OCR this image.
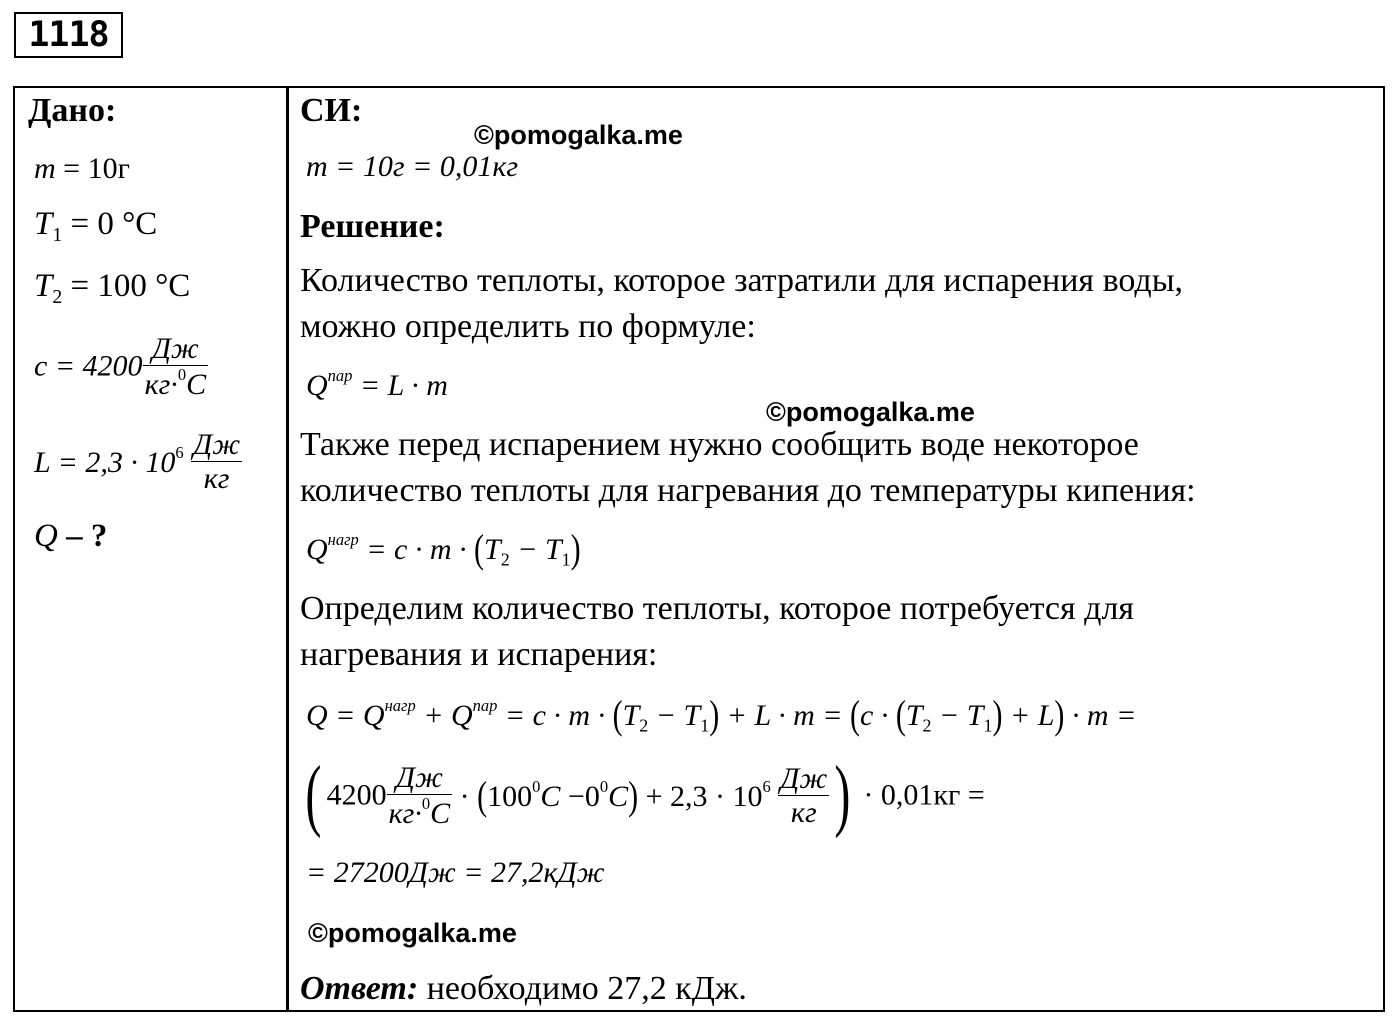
1118
Дано:
m = 10г
$T_1 = 0$ °C
$T_2 = 100$ °C
$c = 4200 \frac{Дж}{кг\cdot^0C}$
$L = 2,3 \cdot 10^6 \frac{Дж}{кг}$
Q – ?
СИ:
©pomogalka.me
m = 10г = 0,01кг
Решение:
Количество теплоты, которое затратили для испарения воды,
можно определить по формуле:
$Q^{пар} = L \cdot m$
©pomogalka.me
Также перед испарением нужно сообщить воде некоторое
количество теплоты для нагревания до температуры кипения:
$Q^{нагр} = c \cdot m \cdot (T_2 - T_1)$
Определим количество теплоты, которое потребуется для
нагревания и испарения:
$Q = Q^{нагр} + Q^{пар} = c \cdot m \cdot (T_2 - T_1) + L \cdot m = (c \cdot (T_2 - T_1) + L) \cdot m$ =
( $4200 \frac{Дж}{кг\cdot^0C} \cdot (100^0C -0^0C) + 2,3 \cdot 10^6 \frac{Дж}{кг}$ ) · 0,01кг =
= 27200Дж = 27,2кДж
©pomogalka.me
Ответ: необходимо 27,2 кДж.
